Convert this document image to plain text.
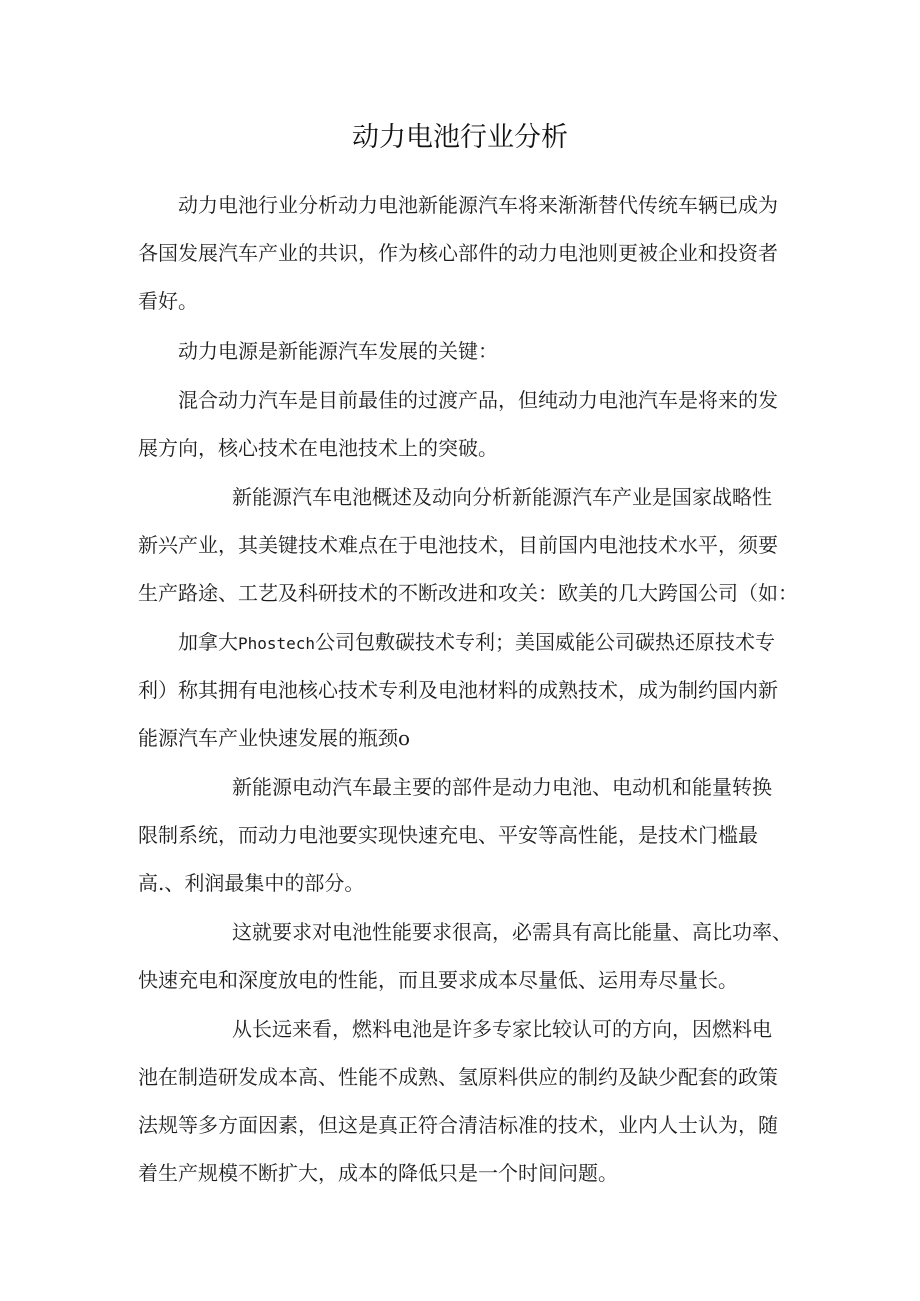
动力电池行业分析
动力电池行业分析动力电池新能源汽车将来渐渐替代传统车辆已成为
各国发展汽车产业的共识，作为核心部件的动力电池则更被企业和投资者
看好。
动力电源是新能源汽车发展的关键：
混合动力汽车是目前最佳的过渡产品，但纯动力电池汽车是将来的发
展方向，核心技术在电池技术上的突破。
新能源汽车电池概述及动向分析新能源汽车产业是国家战略性
新兴产业，其美键技术难点在于电池技术，目前国内电池技术水平，须要
生产路途、工艺及科研技术的不断改进和攻关：欧美的几大跨国公司（如：
加拿大Phostech公司包敷碳技术专利；美国威能公司碳热还原技术专
利）称其拥有电池核心技术专利及电池材料的成熟技术，成为制约国内新
能源汽车产业快速发展的瓶颈o
新能源电动汽车最主要的部件是动力电池、电动机和能量转换
限制系统，而动力电池要实现快速充电、平安等高性能，是技术门槛最
高.、利润最集中的部分。
这就要求对电池性能要求很高，必需具有高比能量、高比功率、
快速充电和深度放电的性能，而且要求成本尽量低、运用寿尽量长。
从长远来看，燃料电池是许多专家比较认可的方向，因燃料电
池在制造研发成本高、性能不成熟、氢原料供应的制约及缺少配套的政策
法规等多方面因素，但这是真正符合清洁标准的技术，业内人士认为，随
着生产规模不断扩大，成本的降低只是一个时间问题。
